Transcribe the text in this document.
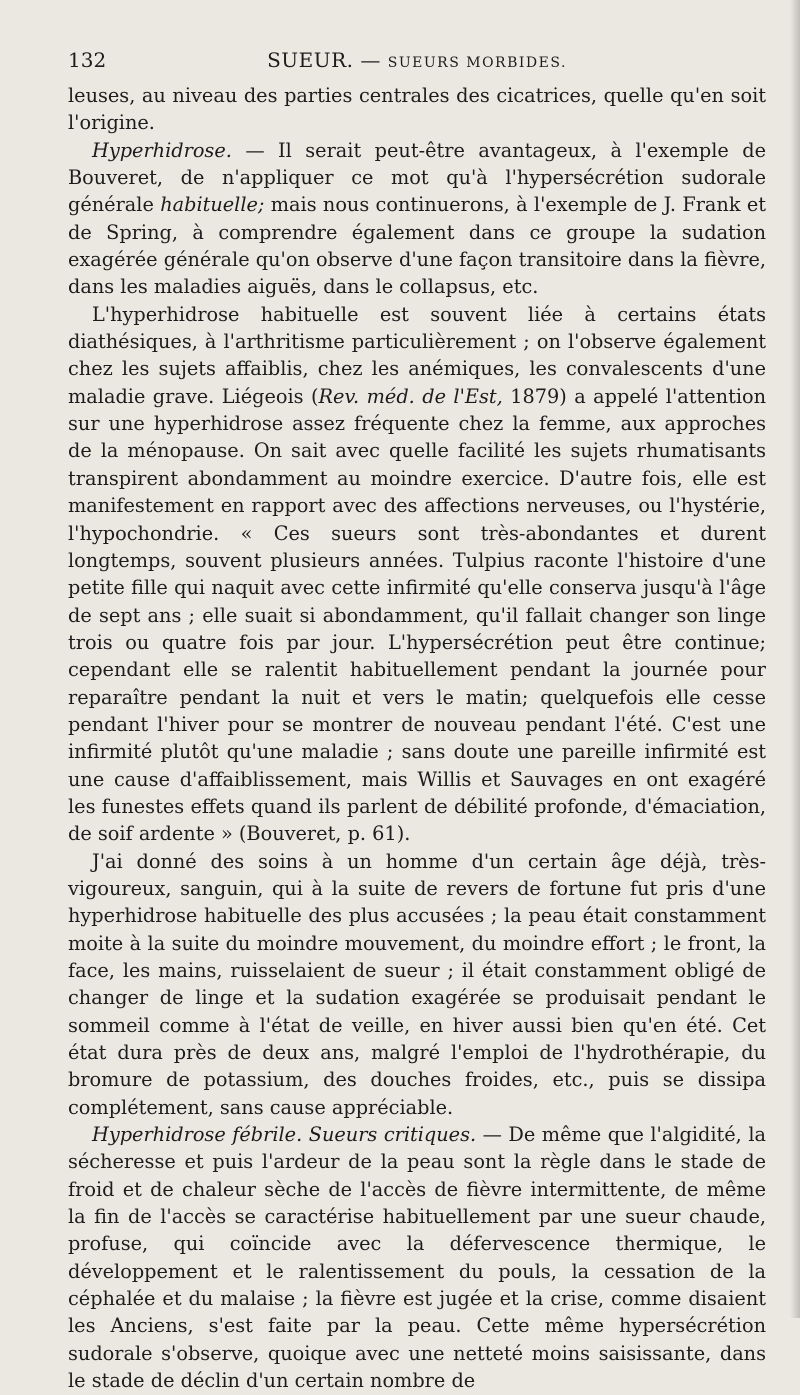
132	SUEUR. — SUEURS MORBIDES.

leuses, au niveau des parties centrales des cicatrices, quelle qu'en soit l'origine.

Hyperhidrose. — Il serait peut-être avantageux, à l'exemple de Bouveret, de n'appliquer ce mot qu'à l'hypersécrétion sudorale générale habituelle; mais nous continuerons, à l'exemple de J. Frank et de Spring, à comprendre également dans ce groupe la sudation exagérée générale qu'on observe d'une façon transitoire dans la fièvre, dans les maladies aiguës, dans le collapsus, etc.

L'hyperhidrose habituelle est souvent liée à certains états diathésiques, à l'arthritisme particulièrement ; on l'observe également chez les sujets affaiblis, chez les anémiques, les convalescents d'une maladie grave. Liégeois (Rev. méd. de l'Est, 1879) a appelé l'attention sur une hyperhidrose assez fréquente chez la femme, aux approches de la ménopause. On sait avec quelle facilité les sujets rhumatisants transpirent abondamment au moindre exercice. D'autre fois, elle est manifestement en rapport avec des affections nerveuses, ou l'hystérie, l'hypochondrie. « Ces sueurs sont très-abondantes et durent longtemps, souvent plusieurs années. Tulpius raconte l'histoire d'une petite fille qui naquit avec cette infirmité qu'elle conserva jusqu'à l'âge de sept ans ; elle suait si abondamment, qu'il fallait changer son linge trois ou quatre fois par jour. L'hypersécrétion peut être continue; cependant elle se ralentit habituellement pendant la journée pour reparaître pendant la nuit et vers le matin; quelquefois elle cesse pendant l'hiver pour se montrer de nouveau pendant l'été. C'est une infirmité plutôt qu'une maladie ; sans doute une pareille infirmité est une cause d'affaiblissement, mais Willis et Sauvages en ont exagéré les funestes effets quand ils parlent de débilité profonde, d'émaciation, de soif ardente » (Bouveret, p. 61).

J'ai donné des soins à un homme d'un certain âge déjà, très-vigoureux, sanguin, qui à la suite de revers de fortune fut pris d'une hyperhidrose habituelle des plus accusées ; la peau était constamment moite à la suite du moindre mouvement, du moindre effort ; le front, la face, les mains, ruisselaient de sueur ; il était constamment obligé de changer de linge et la sudation exagérée se produisait pendant le sommeil comme à l'état de veille, en hiver aussi bien qu'en été. Cet état dura près de deux ans, malgré l'emploi de l'hydrothérapie, du bromure de potassium, des douches froides, etc., puis se dissipa complétement, sans cause appréciable.

Hyperhidrose fébrile. Sueurs critiques. — De même que l'algidité, la sécheresse et puis l'ardeur de la peau sont la règle dans le stade de froid et de chaleur sèche de l'accès de fièvre intermittente, de même la fin de l'accès se caractérise habituellement par une sueur chaude, profuse, qui coïncide avec la défervescence thermique, le développement et le ralentissement du pouls, la cessation de la céphalée et du malaise ; la fièvre est jugée et la crise, comme disaient les Anciens, s'est faite par la peau. Cette même hypersécrétion sudorale s'observe, quoique avec une netteté moins saisissante, dans le stade de déclin d'un certain nombre de
